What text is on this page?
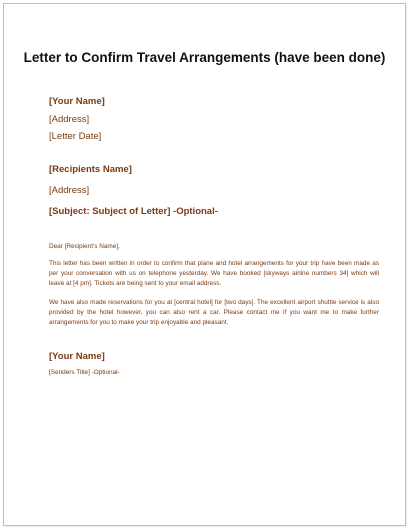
Letter to Confirm Travel Arrangements (have been done)
[Your Name]
[Address]
[Letter Date]
[Recipients Name]
[Address]
[Subject: Subject of Letter] -Optional-
Dear [Recipient's Name],
This letter has been written in order to confirm that plane and hotel arrangements for your trip have been made as per your conversation with us on telephone yesterday. We have booked [skyways airline numbers 34] which will leave at [4 pm]. Tickets are being sent to your email address.
We have also made reservations for you at [central hotel] for [two days]. The excellent airport shuttle service is also provided by the hotel however, you can also rent a car. Please contact me if you want me to make further arrangements for you to make your trip enjoyable and pleasant.
[Your Name]
[Senders Title] -Optional-
